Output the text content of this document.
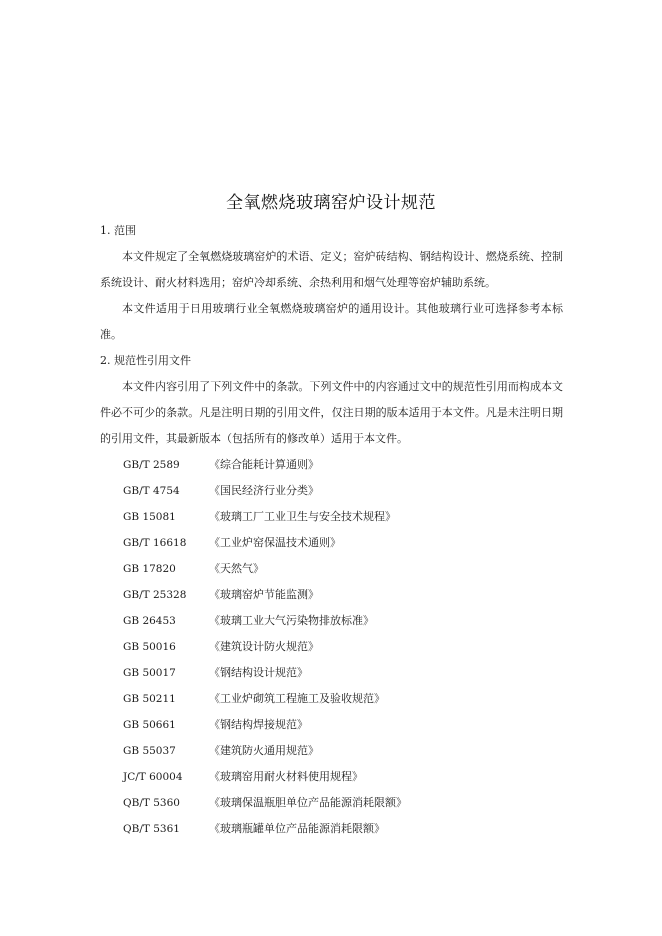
全氧燃烧玻璃窑炉设计规范

1. 范围

本文件规定了全氧燃烧玻璃窑炉的术语、定义；窑炉砖结构、钢结构设计、燃烧系统、控制系统设计、耐火材料选用；窑炉冷却系统、余热利用和烟气处理等窑炉辅助系统。

本文件适用于日用玻璃行业全氧燃烧玻璃窑炉的通用设计。其他玻璃行业可选择参考本标准。

2. 规范性引用文件

本文件内容引用了下列文件中的条款。下列文件中的内容通过文中的规范性引用而构成本文件必不可少的条款。凡是注明日期的引用文件，仅注日期的版本适用于本文件。凡是未注明日期的引用文件，其最新版本（包括所有的修改单）适用于本文件。

GB/T 2589	《综合能耗计算通则》
GB/T 4754	《国民经济行业分类》
GB 15081	《玻璃工厂工业卫生与安全技术规程》
GB/T 16618	《工业炉窑保温技术通则》
GB 17820	《天然气》
GB/T 25328	《玻璃窑炉节能监测》
GB 26453	《玻璃工业大气污染物排放标准》
GB 50016	《建筑设计防火规范》
GB 50017	《钢结构设计规范》
GB 50211	《工业炉砌筑工程施工及验收规范》
GB 50661	《钢结构焊接规范》
GB 55037	《建筑防火通用规范》
JC/T 60004	《玻璃窑用耐火材料使用规程》
QB/T 5360	《玻璃保温瓶胆单位产品能源消耗限额》
QB/T 5361	《玻璃瓶罐单位产品能源消耗限额》
